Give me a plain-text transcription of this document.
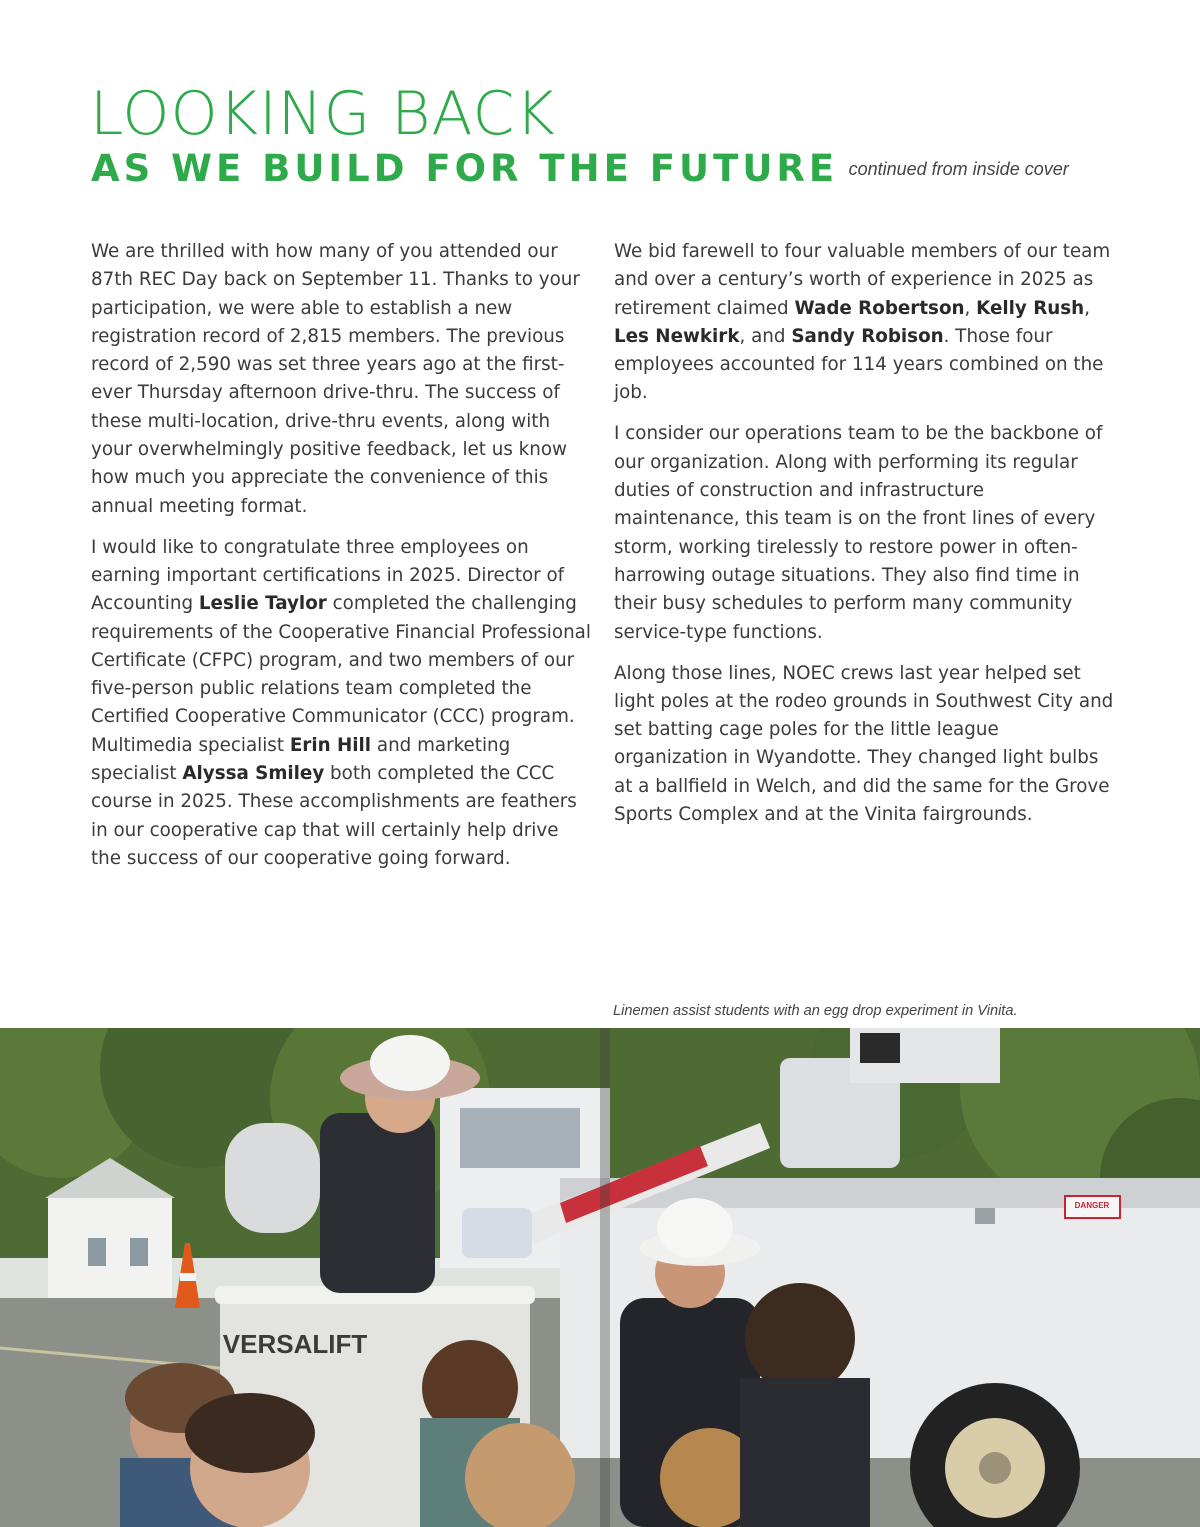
LOOKING BACK
AS WE BUILD FOR THE FUTURE continued from inside cover

We are thrilled with how many of you attended our 87th REC Day back on September 11. Thanks to your participation, we were able to establish a new registration record of 2,815 members. The previous record of 2,590 was set three years ago at the first-ever Thursday afternoon drive-thru. The success of these multi-location, drive-thru events, along with your overwhelmingly positive feedback, let us know how much you appreciate the convenience of this annual meeting format.

I would like to congratulate three employees on earning important certifications in 2025. Director of Accounting Leslie Taylor completed the challenging requirements of the Cooperative Financial Professional Certificate (CFPC) program, and two members of our five-person public relations team completed the Certified Cooperative Communicator (CCC) program. Multimedia specialist Erin Hill and marketing specialist Alyssa Smiley both completed the CCC course in 2025. These accomplishments are feathers in our cooperative cap that will certainly help drive the success of our cooperative going forward.

We bid farewell to four valuable members of our team and over a century’s worth of experience in 2025 as retirement claimed Wade Robertson, Kelly Rush, Les Newkirk, and Sandy Robison. Those four employees accounted for 114 years combined on the job.

I consider our operations team to be the backbone of our organization. Along with performing its regular duties of construction and infrastructure maintenance, this team is on the front lines of every storm, working tirelessly to restore power in often-harrowing outage situations. They also find time in their busy schedules to perform many community service-type functions.

Along those lines, NOEC crews last year helped set light poles at the rodeo grounds in Southwest City and set batting cage poles for the little league organization in Wyandotte. They changed light bulbs at a ballfield in Welch, and did the same for the Grove Sports Complex and at the Vinita fairgrounds.

Linemen assist students with an egg drop experiment in Vinita.
DANGER
VERSALIFT
